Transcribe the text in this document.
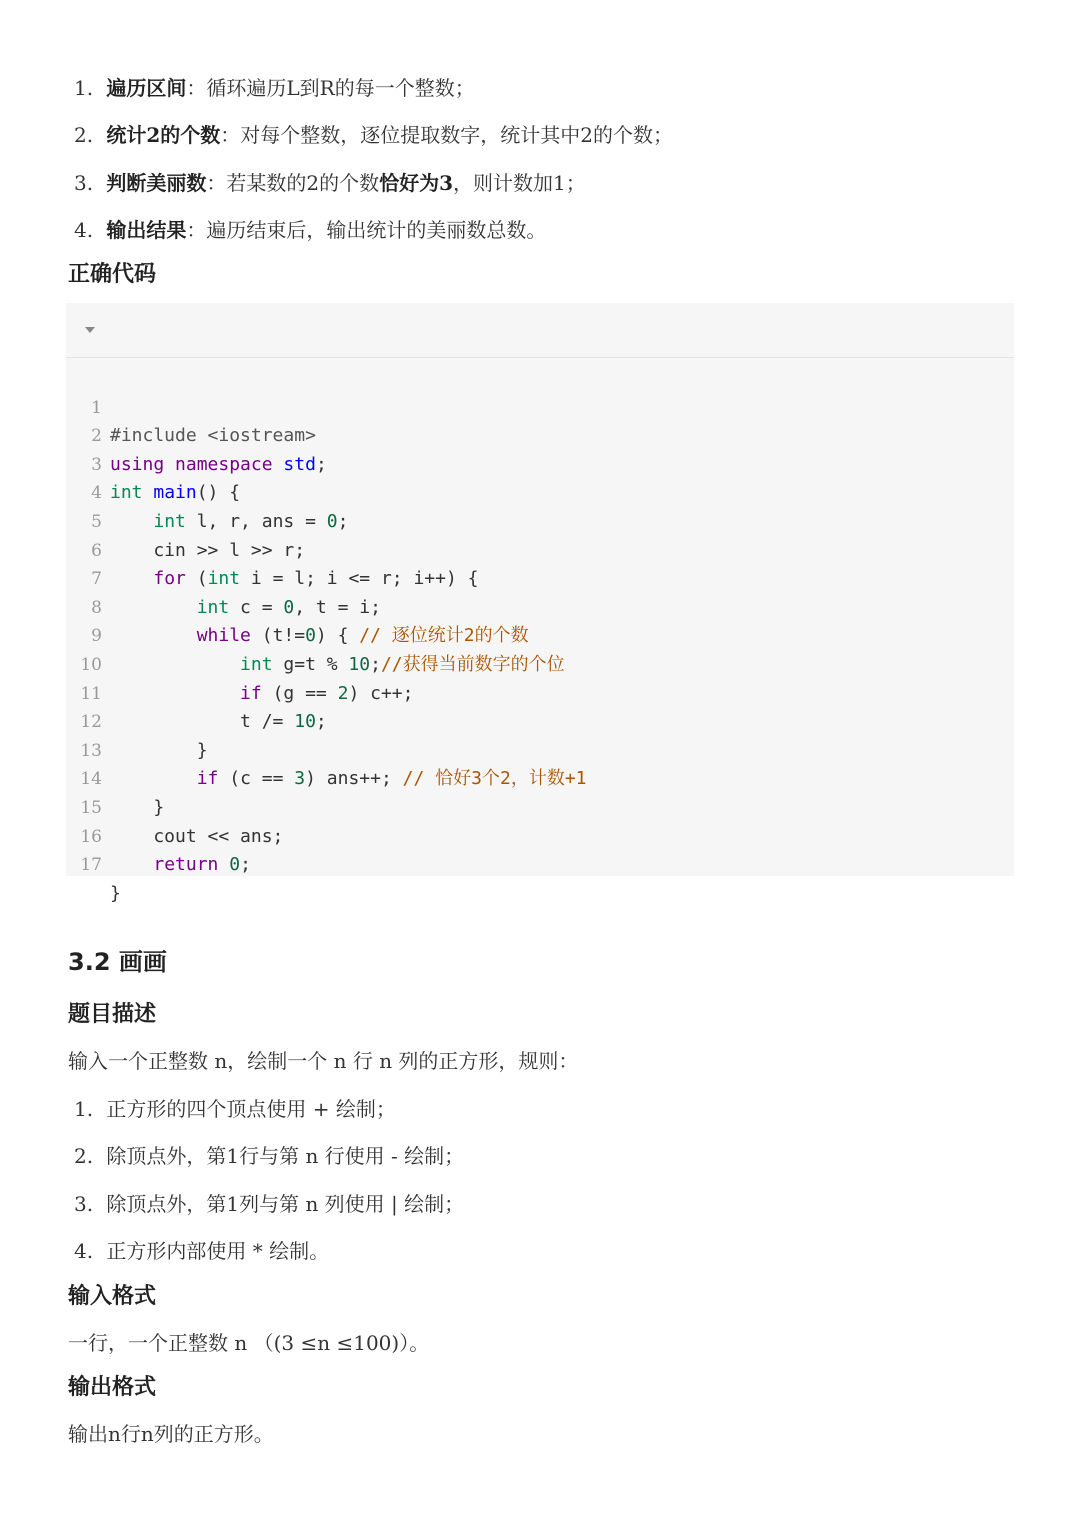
1. 遍历区间：循环遍历L到R的每一个整数；
2. 统计2的个数：对每个整数，逐位提取数字，统计其中2的个数；
3. 判断美丽数：若某数的2的个数恰好为3，则计数加1；
4. 输出结果：遍历结束后，输出统计的美丽数总数。
正确代码

1

#include <iostream>

2

using namespace std;

3

int main() {

4

int l, r, ans = 0;

5

cin >> l >> r;

6

for (int i = l; i <= r; i++) {

7

int c = 0, t = i;

8

while (t!=0) { // 逐位统计2的个数

9

int g=t % 10;//获得当前数字的个位

10

if (g == 2) c++;

11

t /= 10;

12

}

13

if (c == 3) ans++; // 恰好3个2，计数+1

14

}

15

cout << ans;

16

return 0;

17

}

3.2 画画
题目描述
输入一个正整数 n，绘制一个 n 行 n 列的正方形，规则：
1. 正方形的四个顶点使用 + 绘制；
2. 除顶点外，第1行与第 n 行使用 - 绘制；
3. 除顶点外，第1列与第 n 列使用 | 绘制；
4. 正方形内部使用 * 绘制。
输入格式
一行，一个正整数 n （(3 ≤n ≤100)）。
输出格式
输出n行n列的正方形。
